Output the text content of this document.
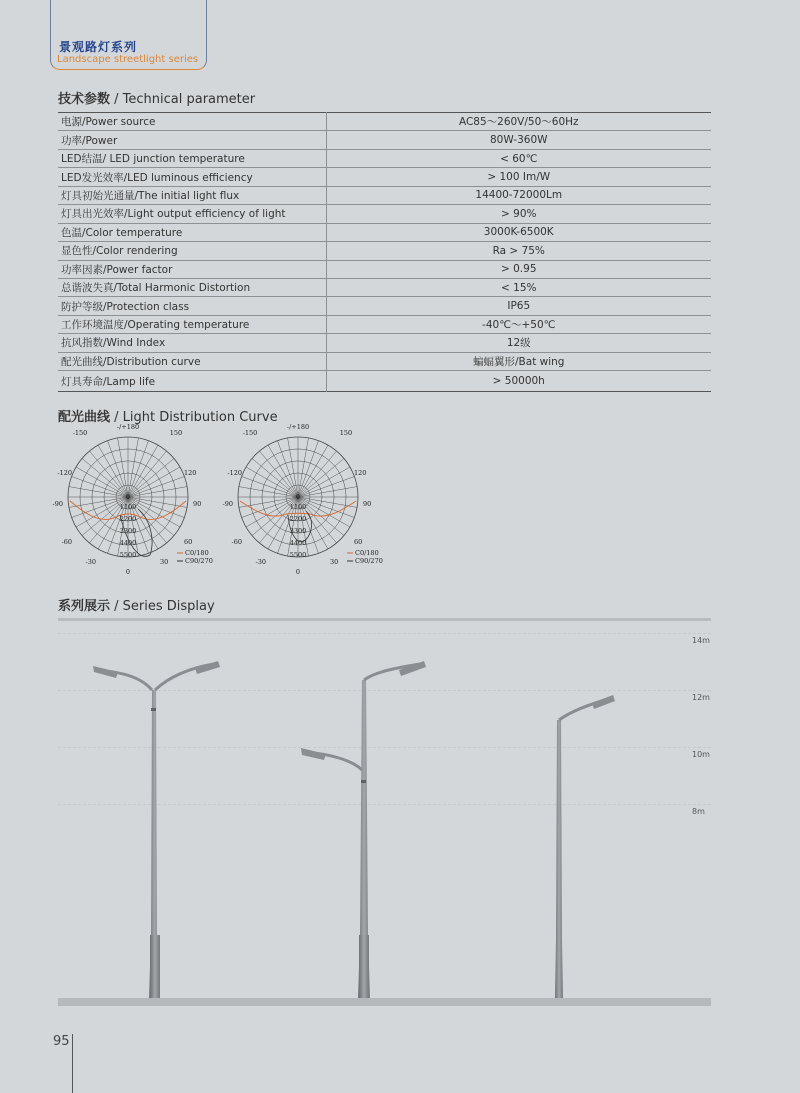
景观路灯系列
Landscape streetlight series
技术参数 / Technical parameter
电源/Power source	AC85～260V/50～60Hz
功率/Power	80W-360W
LED结温/ LED junction temperature	< 60℃
LED发光效率/LED luminous efficiency	> 100 Im/W
灯具初始光通量/The initial light flux	14400-72000Lm
灯具出光效率/Light output efficiency of light	> 90%
色温/Color temperature	3000K-6500K
显色性/Color rendering	Ra > 75%
功率因素/Power factor	> 0.95
总谐波失真/Total Harmonic Distortion	< 15%
防护等级/Protection class	IP65
工作环境温度/Operating temperature	-40℃～+50℃
抗风指数/Wind Index	12级
配光曲线/Distribution curve	蝙蝠翼形/Bat wing
灯具寿命/Lamp life	> 50000h
配光曲线 / Light Distribution Curve
-/+180
150
-150
120
-120
90
-90
60
-60
30
-30
0
0
1100
2200
3300
4400
5500	C0/180
C90/270
-/+180
150
-150
120
-120
90
-90
60
-60
30
-30
0
0
1100
2200
3300
4400
5500	C0/180
C90/270
系列展示 / Series Display
14m
12m
10m
8m
95
